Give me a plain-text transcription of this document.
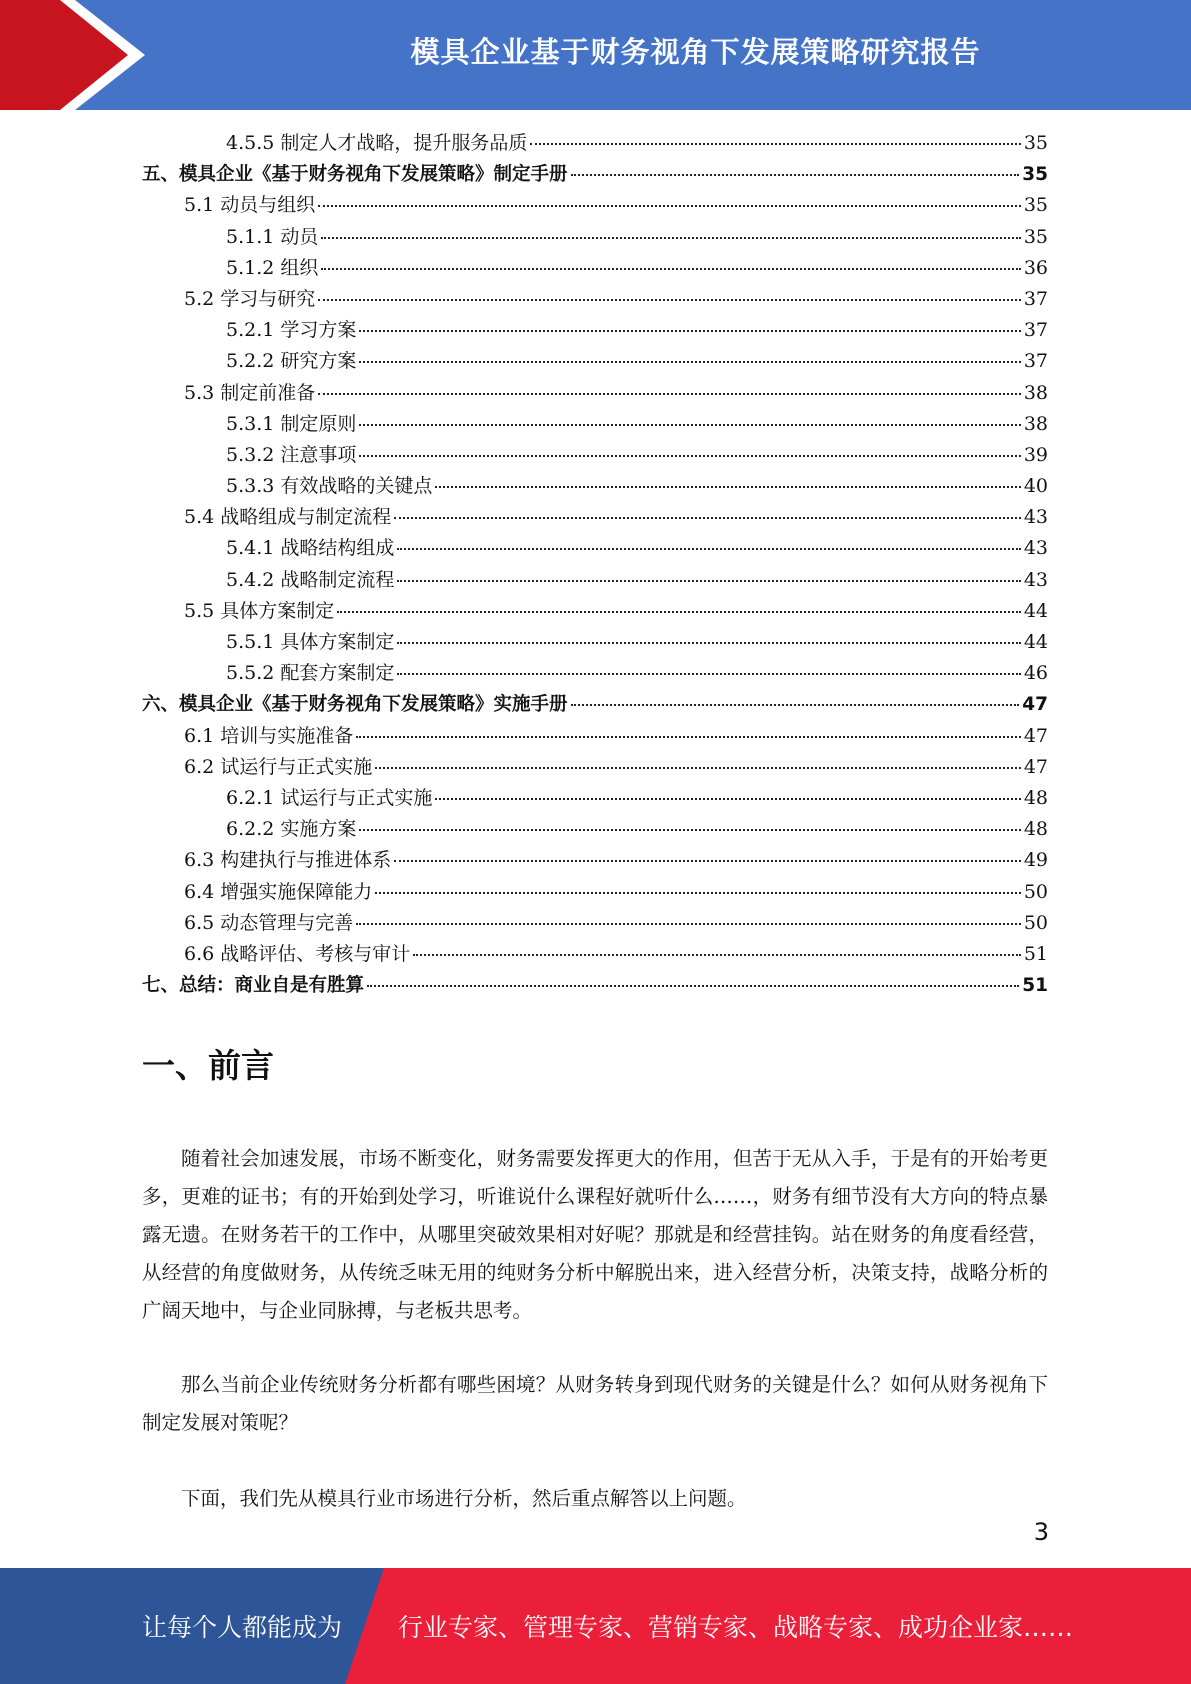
模具企业基于财务视角下发展策略研究报告
4.5.5 制定人才战略，提升服务品质	35
五、模具企业《基于财务视角下发展策略》制定手册	35
5.1 动员与组织	35
5.1.1 动员	35
5.1.2 组织	36
5.2 学习与研究	37
5.2.1 学习方案	37
5.2.2 研究方案	37
5.3 制定前准备	38
5.3.1 制定原则	38
5.3.2 注意事项	39
5.3.3 有效战略的关键点	40
5.4 战略组成与制定流程	43
5.4.1 战略结构组成	43
5.4.2 战略制定流程	43
5.5 具体方案制定	44
5.5.1 具体方案制定	44
5.5.2 配套方案制定	46
六、模具企业《基于财务视角下发展策略》实施手册	47
6.1 培训与实施准备	47
6.2 试运行与正式实施	47
6.2.1 试运行与正式实施	48
6.2.2 实施方案	48
6.3 构建执行与推进体系	49
6.4 增强实施保障能力	50
6.5 动态管理与完善	50
6.6 战略评估、考核与审计	51
七、总结：商业自是有胜算	51
一、前言

随着社会加速发展，市场不断变化，财务需要发挥更大的作用，但苦于无从入手，于是有的开始考更多，更难的证书；有的开始到处学习，听谁说什么课程好就听什么……，财务有细节没有大方向的特点暴露无遗。在财务若干的工作中，从哪里突破效果相对好呢？那就是和经营挂钩。站在财务的角度看经营，从经营的角度做财务，从传统乏味无用的纯财务分析中解脱出来，进入经营分析，决策支持，战略分析的广阔天地中，与企业同脉搏，与老板共思考。

那么当前企业传统财务分析都有哪些困境？从财务转身到现代财务的关键是什么？如何从财务视角下制定发展对策呢？

下面，我们先从模具行业市场进行分析，然后重点解答以上问题。

3
让每个人都能成为 行业专家、管理专家、营销专家、战略专家、成功企业家……
